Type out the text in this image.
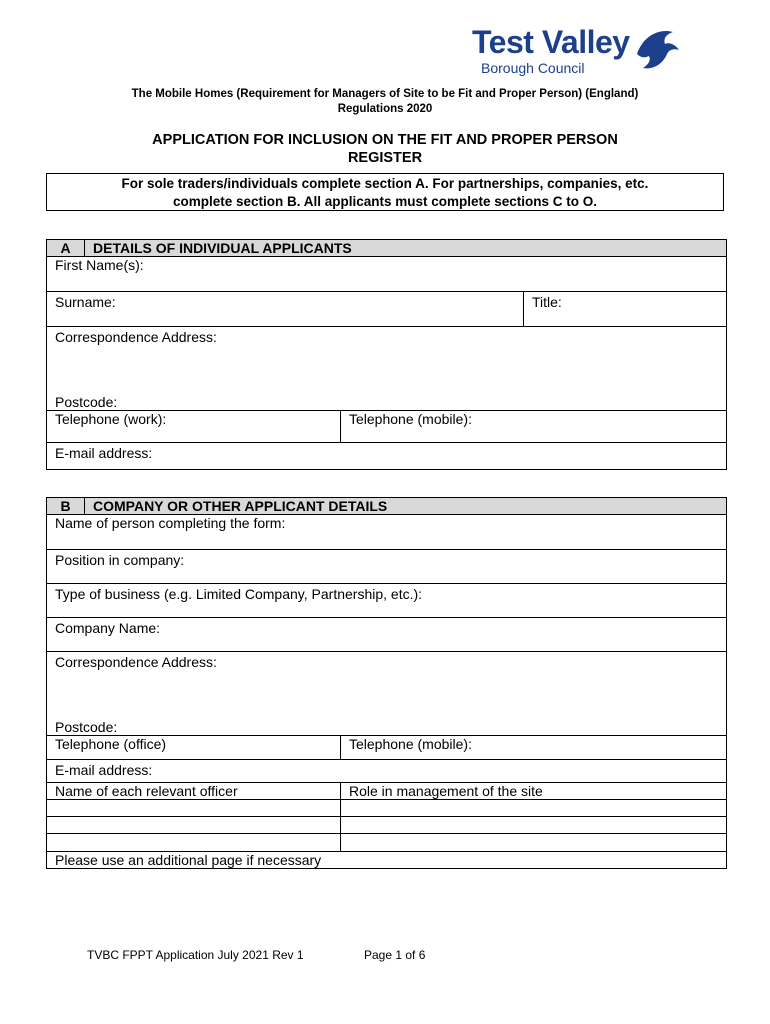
Test Valley
Borough Council
The Mobile Homes (Requirement for Managers of Site to be Fit and Proper Person) (England)
Regulations 2020
APPLICATION FOR INCLUSION ON THE FIT AND PROPER PERSON
REGISTER
For sole traders/individuals complete section A. For partnerships, companies, etc.
complete section B. All applicants must complete sections C to O.
A	DETAILS OF INDIVIDUAL APPLICANTS		
First Name(s):			
Surname:			Title:

Correspondence Address:
Postcode:			

Telephone (work):		Telephone (mobile):	
E-mail address:			
B	COMPANY OR OTHER APPLICANT DETAILS	
Name of person completing the form:		
Position in company:		
Type of business (e.g. Limited Company, Partnership, etc.):		
Company Name:		

Correspondence Address:
Postcode:		

Telephone (office)		Telephone (mobile):
E-mail address:		
Name of each relevant officer		Role in management of the site

Please use an additional page if necessary		
TVBC FPPT Application July 2021 Rev 1	Page 1 of 6
